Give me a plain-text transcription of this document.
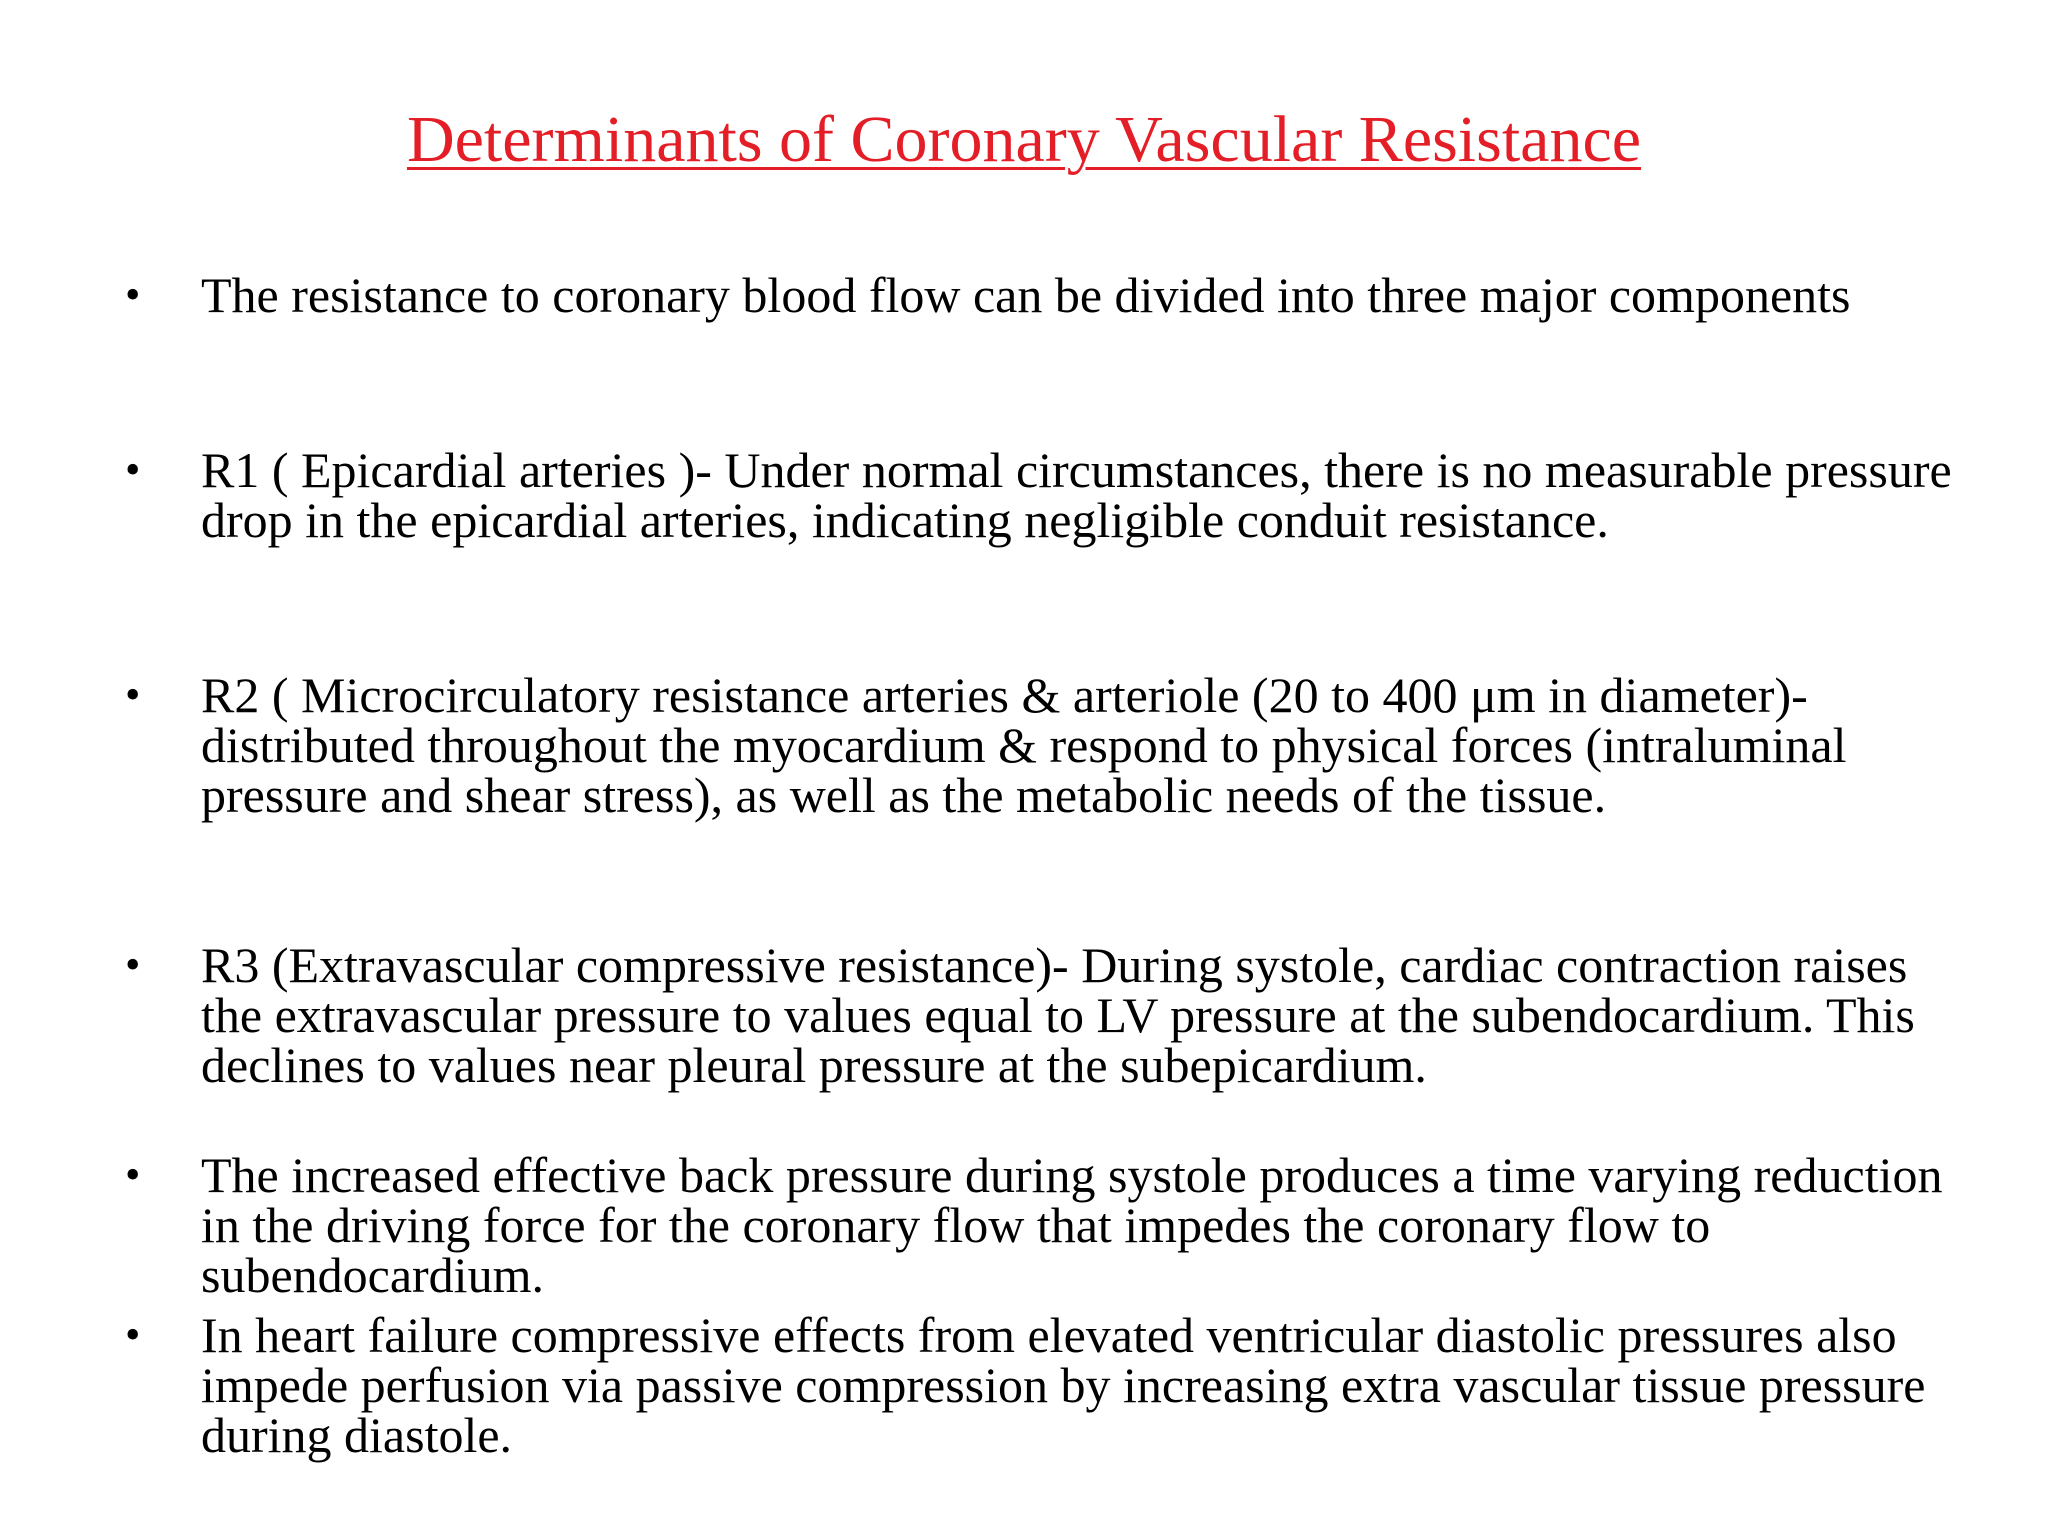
Determinants of Coronary Vascular Resistance
•	The resistance to coronary blood flow can be divided into three major components
•	R1 ( Epicardial arteries )- Under normal circumstances, there is no measurable pressure drop in the epicardial arteries, indicating negligible conduit resistance.
•	R2 ( Microcirculatory resistance arteries & arteriole (20 to 400 μm in diameter)- distributed throughout the myocardium & respond to physical forces (intraluminal pressure and shear stress), as well as the metabolic needs of the tissue.
•	R3 (Extravascular compressive resistance)- During systole, cardiac contraction raises the extravascular pressure to values equal to LV pressure at the subendocardium. This declines to values near pleural pressure at the subepicardium.
•	The increased effective back pressure during systole produces a time varying reduction in the driving force for the coronary flow that impedes the coronary flow to subendocardium.
•	In heart failure compressive effects from elevated ventricular diastolic pressures also impede perfusion via passive compression by increasing extra vascular tissue pressure during diastole.
